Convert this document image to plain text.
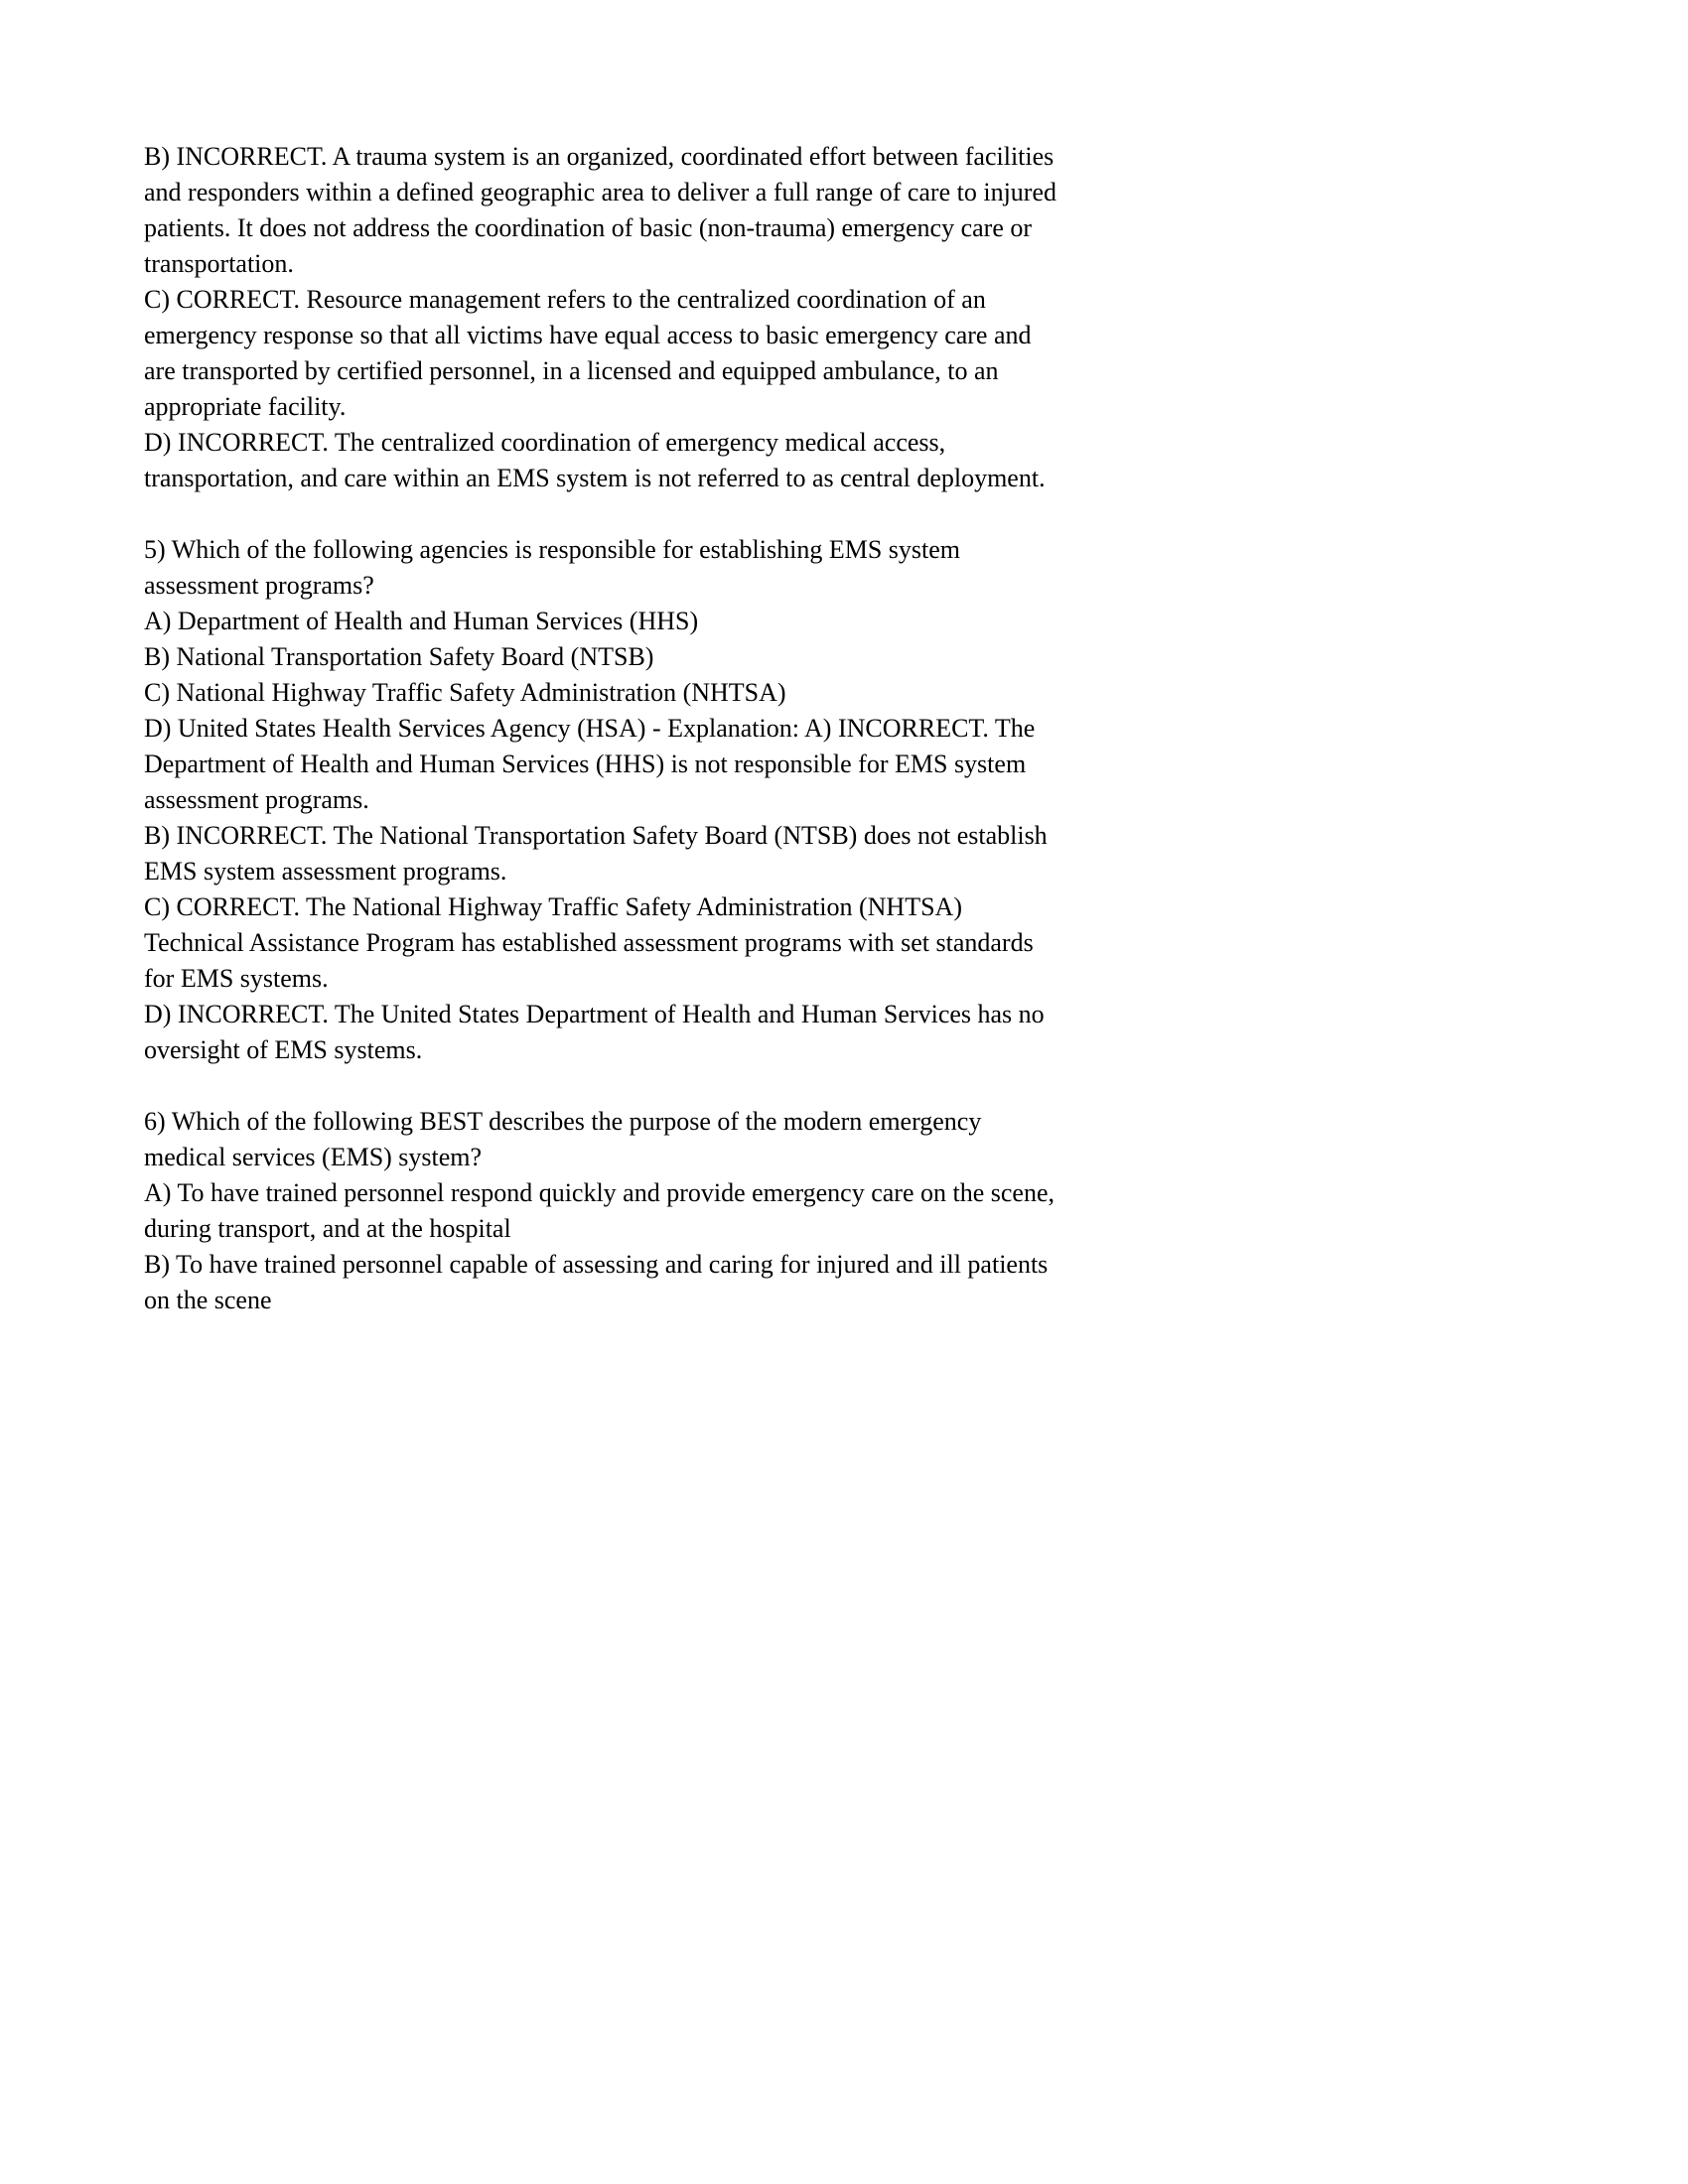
B) INCORRECT. A trauma system is an organized, coordinated effort between facilities and responders within a defined geographic area to deliver a full range of care to injured patients. It does not address the coordination of basic (non-trauma) emergency care or transportation.

C) CORRECT. Resource management refers to the centralized coordination of an emergency response so that all victims have equal access to basic emergency care and are transported by certified personnel, in a licensed and equipped ambulance, to an appropriate facility.

D) INCORRECT. The centralized coordination of emergency medical access, transportation, and care within an EMS system is not referred to as central deployment.

5) Which of the following agencies is responsible for establishing EMS system assessment programs?

A) Department of Health and Human Services (HHS)

B) National Transportation Safety Board (NTSB)

C) National Highway Traffic Safety Administration (NHTSA)

D) United States Health Services Agency (HSA) - Explanation: A) INCORRECT. The Department of Health and Human Services (HHS) is not responsible for EMS system assessment programs.

B) INCORRECT. The National Transportation Safety Board (NTSB) does not establish EMS system assessment programs.

C) CORRECT. The National Highway Traffic Safety Administration (NHTSA) Technical Assistance Program has established assessment programs with set standards for EMS systems.

D) INCORRECT. The United States Department of Health and Human Services has no oversight of EMS systems.

6) Which of the following BEST describes the purpose of the modern emergency medical services (EMS) system?

A) To have trained personnel respond quickly and provide emergency care on the scene, during transport, and at the hospital

B) To have trained personnel capable of assessing and caring for injured and ill patients on the scene
